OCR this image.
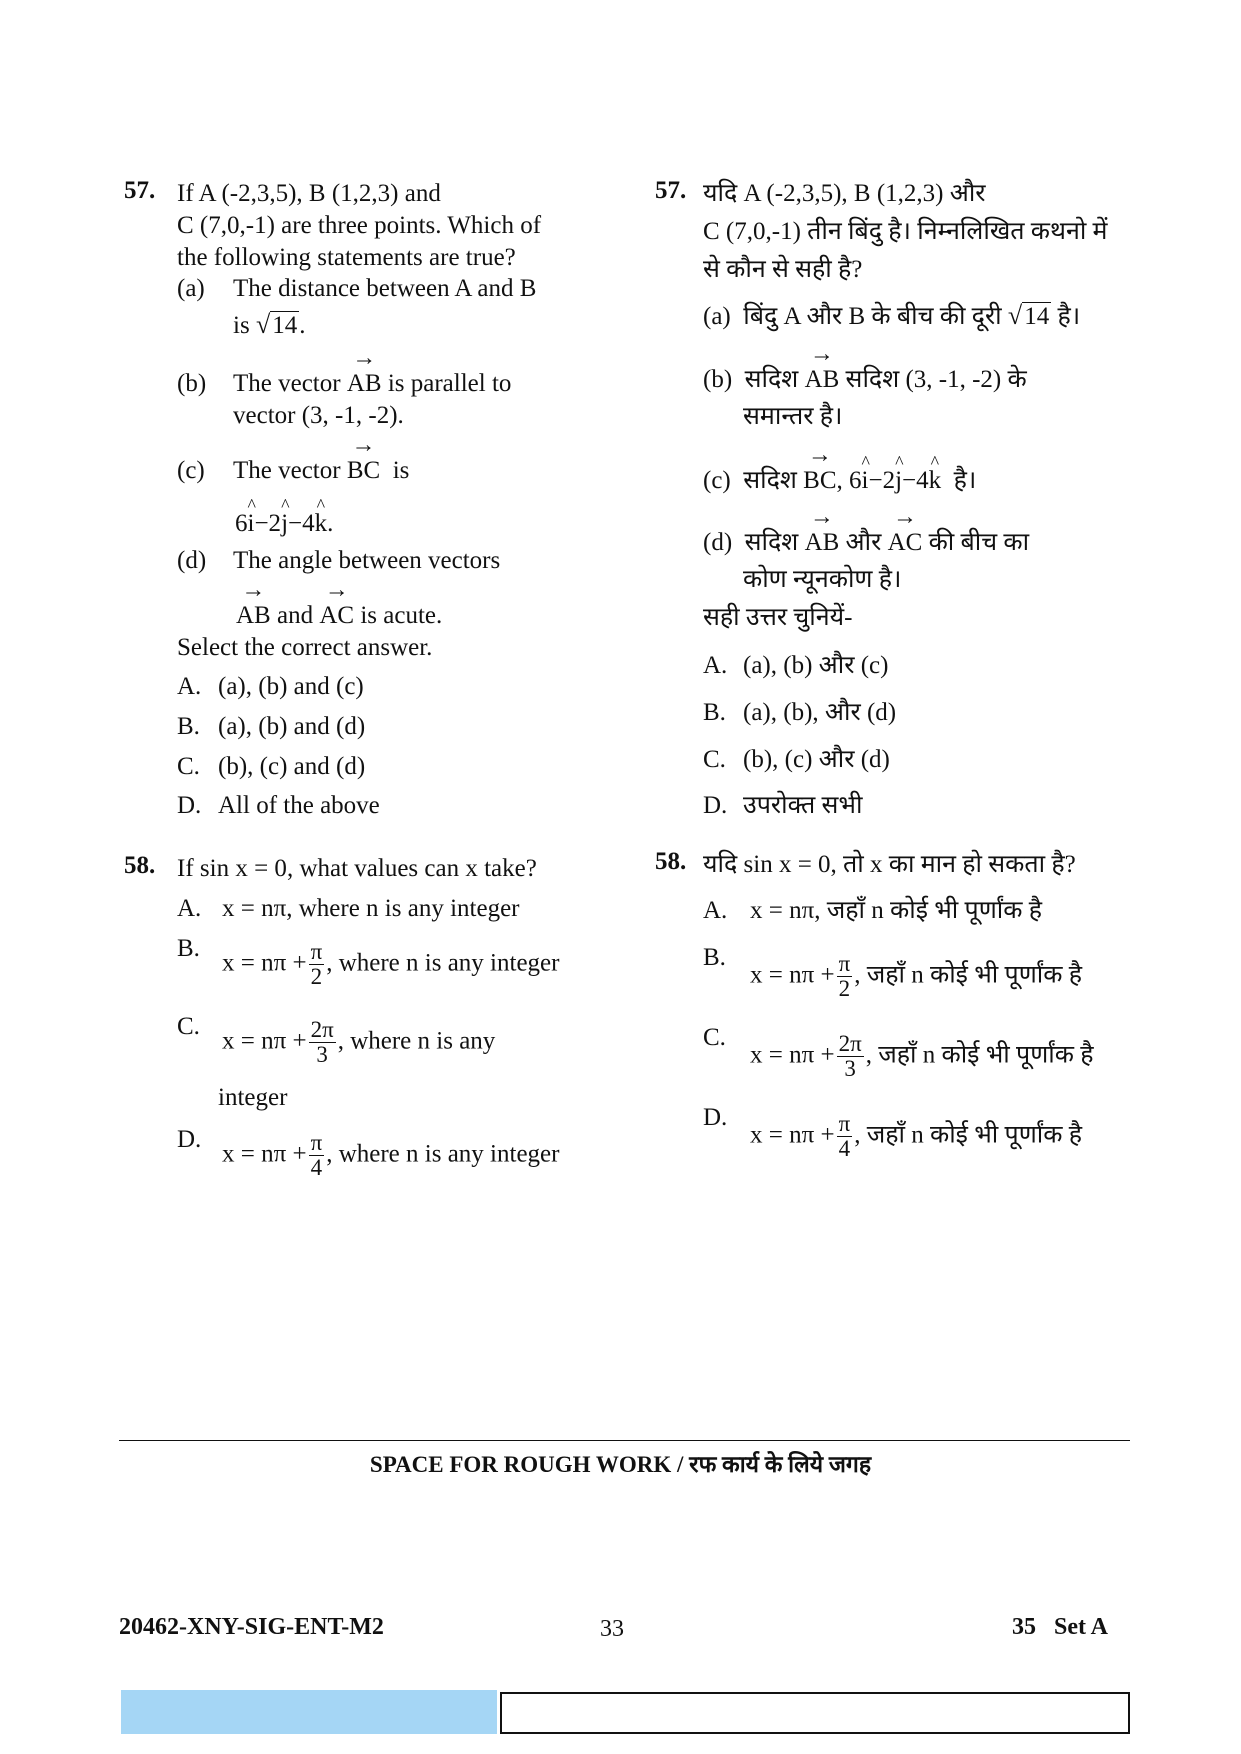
57. If A (-2,3,5), B (1,2,3) and
C (7,0,-1) are three points. Which of
the following statements are true?
(a) The distance between A and B
is √14.
(b) The vector
→
AB is parallel to
vector (3, -1, -2).
(c) The vector
→
BC is
6^ i−2^ j−4^ k.
(d) The angle between vectors
→
AB and
→
AC is acute.
Select the correct answer.
A. (a), (b) and (c)
B. (a), (b) and (d)
C. (b), (c) and (d)
D. All of the above
58. If sin x = 0, what values can x take?
A. x = nπ, where n is any integer
B.
$x = n\pi + \frac{\pi}{2}$ , where n is any integer
C.
$x = n\pi + \frac{2\pi}{3}$ , where n is any
integer
D.
$x = n\pi + \frac{\pi}{4}$ , where n is any integer
57. यदि A (-2,3,5), B (1,2,3) और
C (7,0,-1) तीन बिंदु है। निम्नलिखित कथनो में
से कौन से सही है?
(a) बिंदु A और B के बीच की दूरी √14 है।
(b) सदिश
→
AB सदिश (3, -1, -2) के
समान्तर है।
(c) सदिश
→
BC, 6^ i−2^ j−4^ k है।
(d) सदिश
→
AB और
→
AC की बीच का
कोण न्यूनकोण है।
सही उत्तर चुनियें-
A. (a), (b) और (c)
B. (a), (b), और (d)
C. (b), (c) और (d)
D. उपरोक्त सभी
58. यदि sin x = 0, तो x का मान हो सकता है?
A. x = nπ, जहाँ n कोई भी पूर्णांक है
B.
$x = n\pi + \frac{\pi}{2}$ , जहाँ n कोई भी पूर्णांक है
C.
$x = n\pi + \frac{2\pi}{3}$ , जहाँ n कोई भी पूर्णांक है
D.
$x = n\pi + \frac{\pi}{4}$ , जहाँ n कोई भी पूर्णांक है
SPACE FOR ROUGH WORK / रफ कार्य के लिये जगह
20462-XNY-SIG-ENT-M2	33	35   Set A
